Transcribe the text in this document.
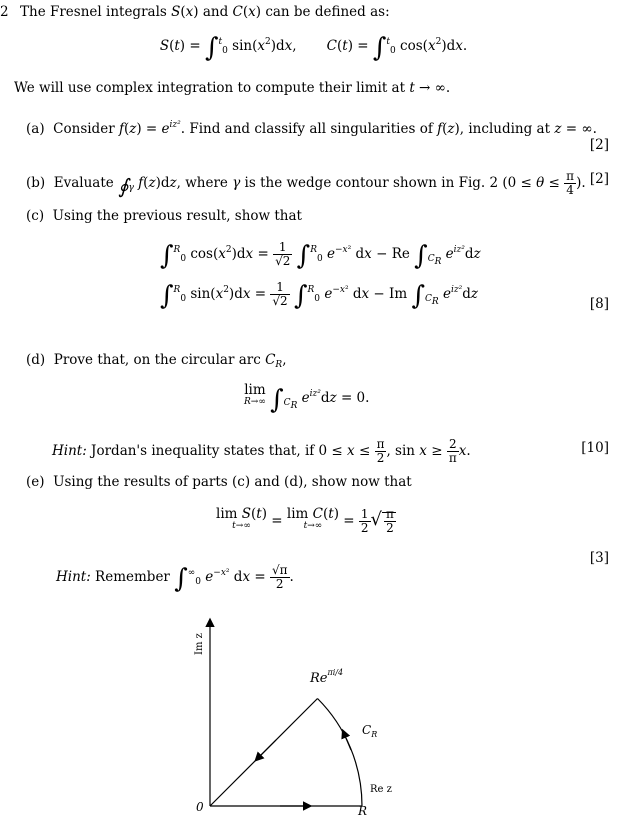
2 The Fresnel integrals S(x) and C(x) can be defined as:
S(t) = ∫$^t_0$ $\sin(x^2)dx$,       C(t) = ∫$^t_0$ $\cos(x^2)dx$.
We will use complex integration to compute their limit at t → ∞.
(a)  Consider $f(z) = e^{iz^2}$. Find and classify all singularities of f(z), including at z = ∞.
[2]
(b)  Evaluate $∮_\gamma$ f(z)dz, where γ is the wedge contour shown in Fig. 2 ($0 \le \theta \le \frac{\pi}{4}$ ). [2]
(c)  Using the previous result, show that
∫$^R_0$ $\cos(x^2)dx = \frac{1}{√2} \int^R_0$ $e^{-x^2}$ dx − Re $\int_{C_R}$ $e^{iz^2}dz$
∫$^R_0$ $\sin(x^2)dx = \frac{1}{√2} \int^R_0$ $e^{-x^2}$ dx − Im $\int_{C_R}$ $e^{iz^2}dz$
[8]
(d)  Prove that, on the circular arc $C_R$,
lim
R→∞ $\int_{C_R}$ $e^{iz^2}dz = 0$.
Hint: Jordan's inequality states that, if $0 \le x \le \frac{\pi}{2}$ , $\sin x \ge \frac{2}{\pi} x$.	[10]
(e)  Using the results of parts (c) and (d), show now that
lim S(t)
t→∞	= lim C(t)
t→∞	= $\frac{1}{2}$ √ $\frac{\pi}{2}$
[3]
Hint: Remember $\int^\infty_0$ $e^{-x^2}$ dx = $\frac{√\pi}{2}$ .
Im z
$Re^{\pi i/4}$
$C_R$
Re z
0	R
